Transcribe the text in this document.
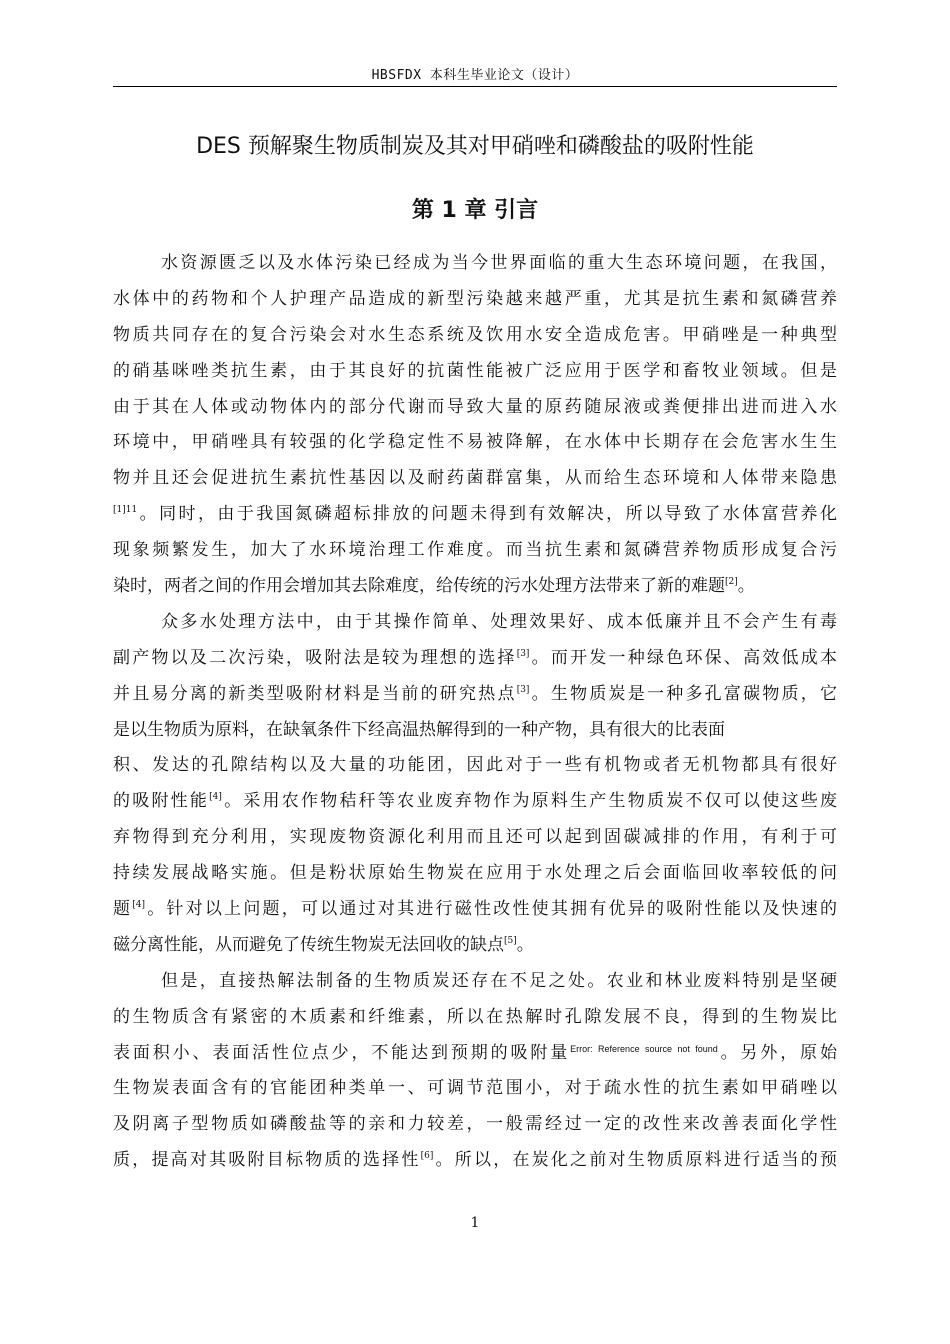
HBSFDX 本科生毕业论文（设计）
DES 预解聚生物质制炭及其对甲硝唑和磷酸盐的吸附性能
第 1 章 引言
水资源匮乏以及水体污染已经成为当今世界面临的重大生态环境问题，在我国，
水体中的药物和个人护理产品造成的新型污染越来越严重，尤其是抗生素和氮磷营养
物质共同存在的复合污染会对水生态系统及饮用水安全造成危害。甲硝唑是一种典型
的硝基咪唑类抗生素，由于其良好的抗菌性能被广泛应用于医学和畜牧业领域。但是
由于其在人体或动物体内的部分代谢而导致大量的原药随尿液或粪便排出进而进入水
环境中，甲硝唑具有较强的化学稳定性不易被降解，在水体中长期存在会危害水生生
物并且还会促进抗生素抗性基因以及耐药菌群富集，从而给生态环境和人体带来隐患
$^{[1]11}$。同时，由于我国氮磷超标排放的问题未得到有效解决，所以导致了水体富营养化
现象频繁发生，加大了水环境治理工作难度。而当抗生素和氮磷营养物质形成复合污
染时，两者之间的作用会增加其去除难度，给传统的污水处理方法带来了新的难题[2]。
众多水处理方法中，由于其操作简单、处理效果好、成本低廉并且不会产生有毒
副产物以及二次污染，吸附法是较为理想的选择[3]。而开发一种绿色环保、高效低成本
并且易分离的新类型吸附材料是当前的研究热点[3]。生物质炭是一种多孔富碳物质，它
是以生物质为原料，在缺氧条件下经高温热解得到的一种产物，具有很大的比表面
积、发达的孔隙结构以及大量的功能团，因此对于一些有机物或者无机物都具有很好
的吸附性能[4]。采用农作物秸秆等农业废弃物作为原料生产生物质炭不仅可以使这些废
弃物得到充分利用，实现废物资源化利用而且还可以起到固碳减排的作用，有利于可
持续发展战略实施。但是粉状原始生物炭在应用于水处理之后会面临回收率较低的问
题[4]。针对以上问题，可以通过对其进行磁性改性使其拥有优异的吸附性能以及快速的
磁分离性能，从而避免了传统生物炭无法回收的缺点[5]。
但是，直接热解法制备的生物质炭还存在不足之处。农业和林业废料特别是坚硬
的生物质含有紧密的木质素和纤维素，所以在热解时孔隙发展不良，得到的生物炭比
表面积小、表面活性位点少，不能达到预期的吸附量$^{Error: Reference source not found}$。另外，原始
生物炭表面含有的官能团种类单一、可调节范围小，对于疏水性的抗生素如甲硝唑以
及阴离子型物质如磷酸盐等的亲和力较差，一般需经过一定的改性来改善表面化学性
质，提高对其吸附目标物质的选择性[6]。所以，在炭化之前对生物质原料进行适当的预
1
